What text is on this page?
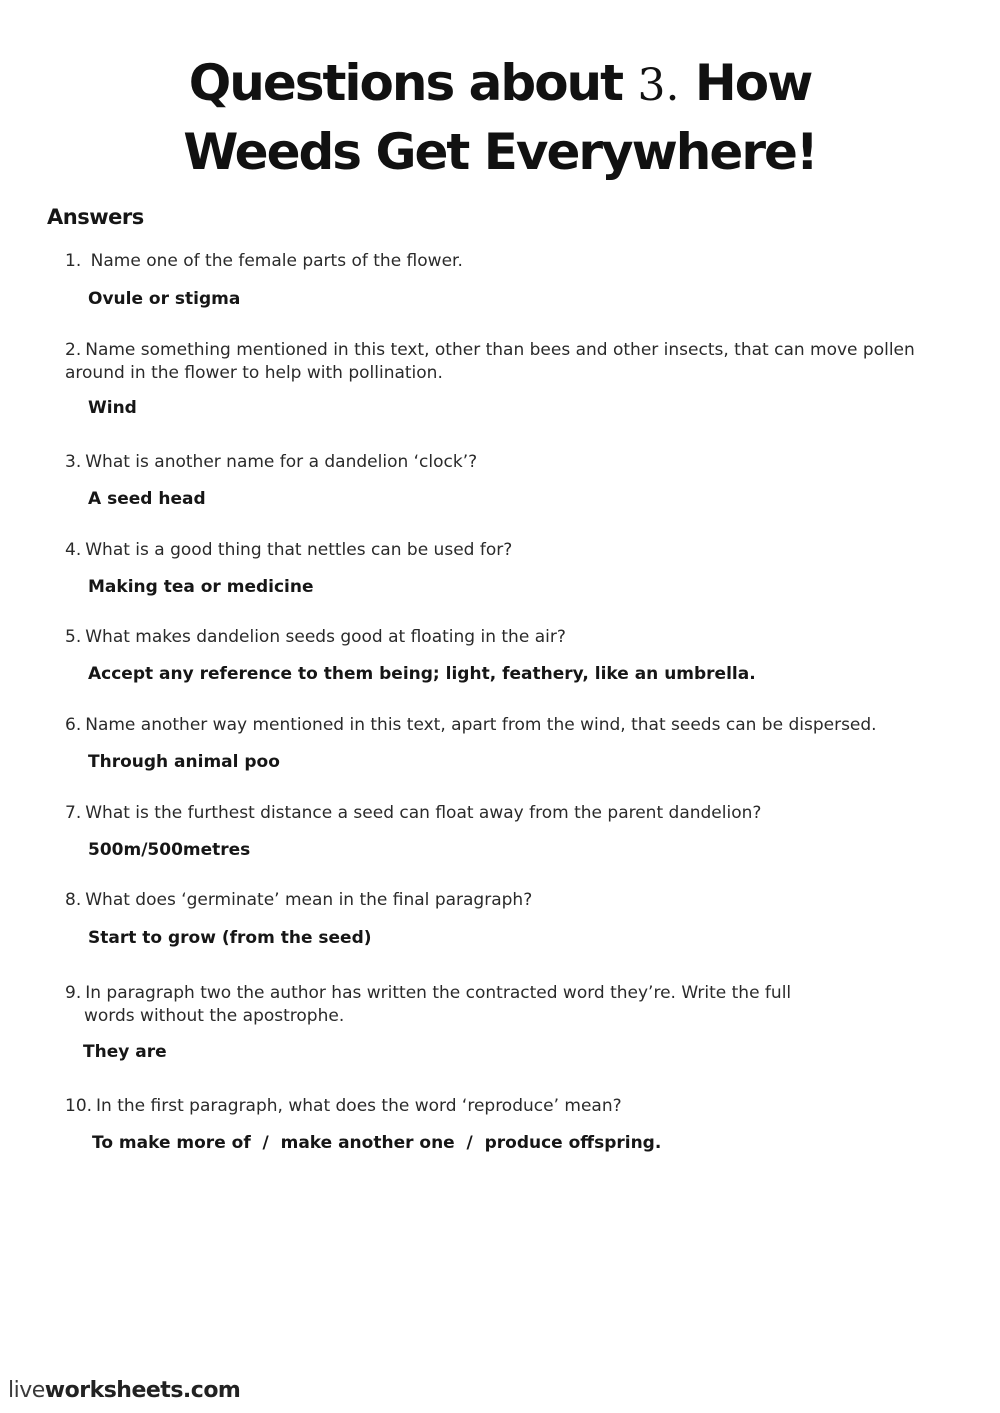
Questions about 3. How
Weeds Get Everywhere!
Answers

1. Name one of the female parts of the flower.

Ovule or stigma

2. Name something mentioned in this text, other than bees and other insects, that can move pollen around in the flower to help with pollination.

Wind

3. What is another name for a dandelion ‘clock’?

A seed head

4. What is a good thing that nettles can be used for?

Making tea or medicine

5. What makes dandelion seeds good at floating in the air?

Accept any reference to them being; light, feathery, like an umbrella.

6. Name another way mentioned in this text, apart from the wind, that seeds can be dispersed.

Through animal poo

7. What is the furthest distance a seed can float away from the parent dandelion?

500m/500metres

8. What does ‘germinate’ mean in the final paragraph?

Start to grow (from the seed)

9. In paragraph two the author has written the contracted word they’re. Write the full
words without the apostrophe.

They are

10. In the first paragraph, what does the word ‘reproduce’ mean?

To make more of  /  make another one  /  produce offspring.

liveworksheets.com
